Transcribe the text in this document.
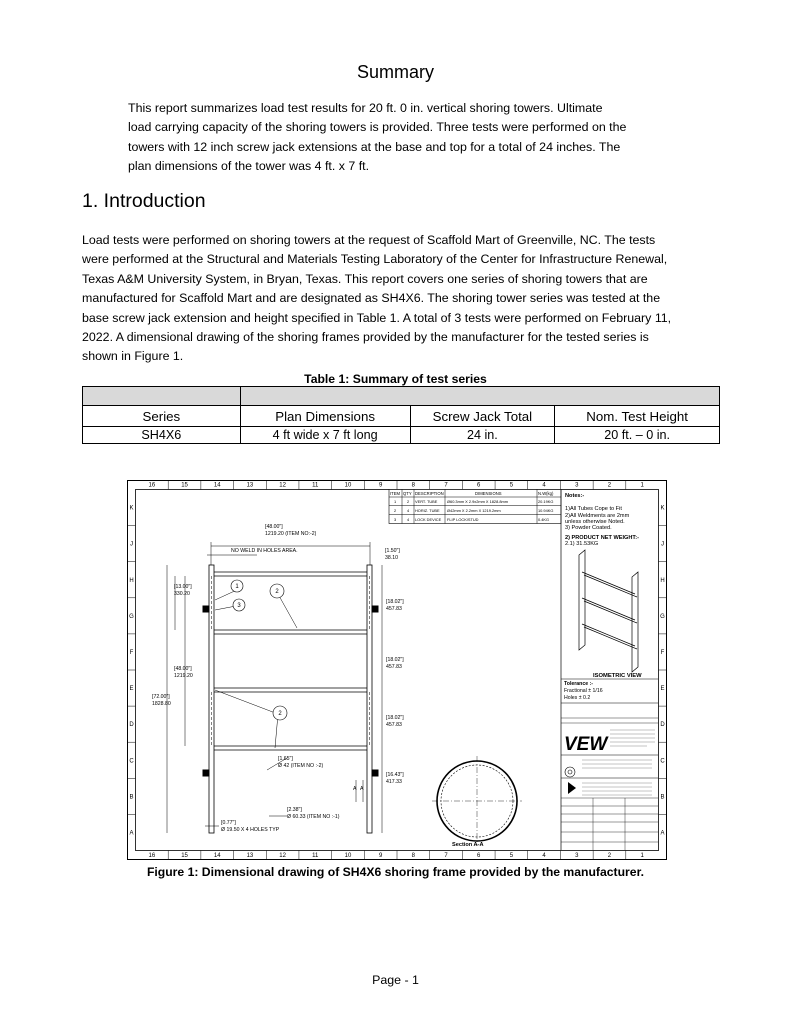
Summary
This report summarizes load test results for 20 ft. 0 in. vertical shoring towers. Ultimate
load carrying capacity of the shoring towers is provided. Three tests were performed on the
towers with 12 inch screw jack extensions at the base and top for a total of 24 inches. The
plan dimensions of the tower was 4 ft. x 7 ft.
1. Introduction
Load tests were performed on shoring towers at the request of Scaffold Mart of Greenville, NC. The tests
were performed at the Structural and Materials Testing Laboratory of the Center for Infrastructure Renewal,
Texas A&M University System, in Bryan, Texas. This report covers one series of shoring towers that are
manufactured for Scaffold Mart and are designated as SH4X6. The shoring tower series was tested at the
base screw jack extension and height specified in Table 1. A total of 3 tests were performed on February 11,
2022. A dimensional drawing of the shoring frames provided by the manufacturer for the tested series is
shown in Figure 1.
Table 1: Summary of test series

Series	Plan Dimensions	Screw Jack Total	Nom. Test Height
SH4X6	4 ft wide x 7 ft long	24 in.	20 ft. – 0 in.
16
16
15
15
14
14
13
13
12
12
11
11
10
10
9
9
8
8
7
7
6
6
5
5
4
4
3
3
2
2
1
1
K	K
J	J
H	H
G	G
F	F
E	E
D	D
C	C
B	B
A	A
ITEM QTY DESCRIPTION	DIMENSIONS	N.W(kg)
1	2 VERT. TUBE Ø60.3mm X 2.9x2mm X 1828.8mm	20.19KG
2	4 HORIZ. TUBE Ø42mm X 2.2mm X 1219.2mm	10.94KG
3	4 LOCK DEVICE FLIP LOCK/STUD	0.4KG
Notes:-
1)All Tubes Cope to Fit
2)All Weldments are 2mm
unless otherwise Noted.
3) Powder Coated.
2) PRODUCT NET WEIGHT:-
2.1) 31.53KG
ISOMETRIC VIEW
Tolerance :-
Fractional ± 1/16
Holes ± 0.2
VEW
1
2
3
2
[48.00"]
1219.20 (ITEM NO:-2)
NO WELD IN HOLES AREA.	[1.50"]
38.10
[13.00"]
330.20
[18.02"]
457.83
[18.02"]
457.83
[48.00"]
1219.20
[72.00"]
1828.80
[18.02"]
457.83
[1.65"]
Ø 42 (ITEM NO :-2)
[16.43"]
417.33
A A
[2.38"]
Ø 60.33 (ITEM NO :-1)
[0.77"]
Ø 19.50 X 4 HOLES TYP
Section A-A
Figure 1: Dimensional drawing of SH4X6 shoring frame provided by the manufacturer.
Page - 1
